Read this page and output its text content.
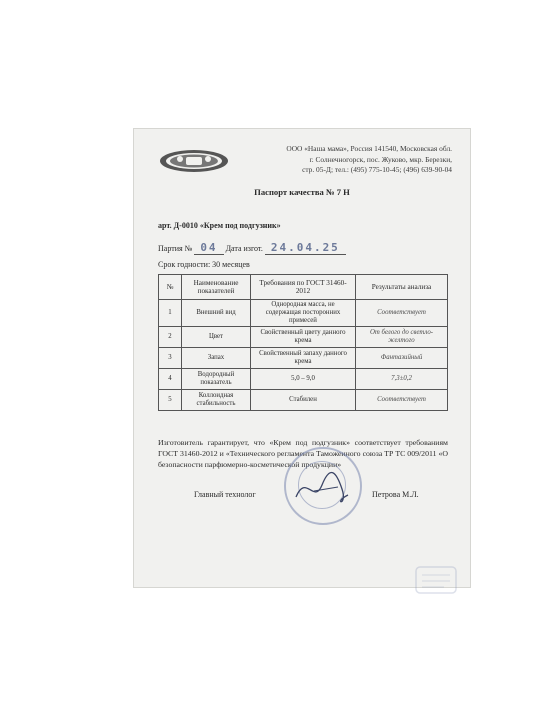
ООО «Наша мама», Россия 141540, Московская обл.
г. Солнечногорск, пос. Жуково, мкр. Березки,
стр. 05-Д; тел.: (495) 775-10-45; (496) 639-90-04
Паспорт качества № 7 Н
арт. Д-0010 «Крем под подгузник»
Партия № 04 Дата изгот. 24.04.25
Срок годности: 30 месяцев
№	Наименование показателей	Требования по ГОСТ 31460-2012	Результаты анализа
1	Внешний вид	Однородная масса, не содержащая посторонних примесей	Соответствует
2	Цвет	Свойственный цвету данного крема	От белого до светло-желтого
3	Запах	Свойственный запаху данного крема	Фантазийный
4	Водородный показатель	5,0 – 9,0	7,3±0,2
5	Коллоидная стабильность	Стабилен	Соответствует
Изготовитель гарантирует, что «Крем под подгузник» соответствует требованиям ГОСТ 31460-2012 и «Технического регламента Таможенного союза ТР ТС 009/2011 «О безопасности парфюмерно-косметической продукции»
Главный технолог	Петрова М.Л.
